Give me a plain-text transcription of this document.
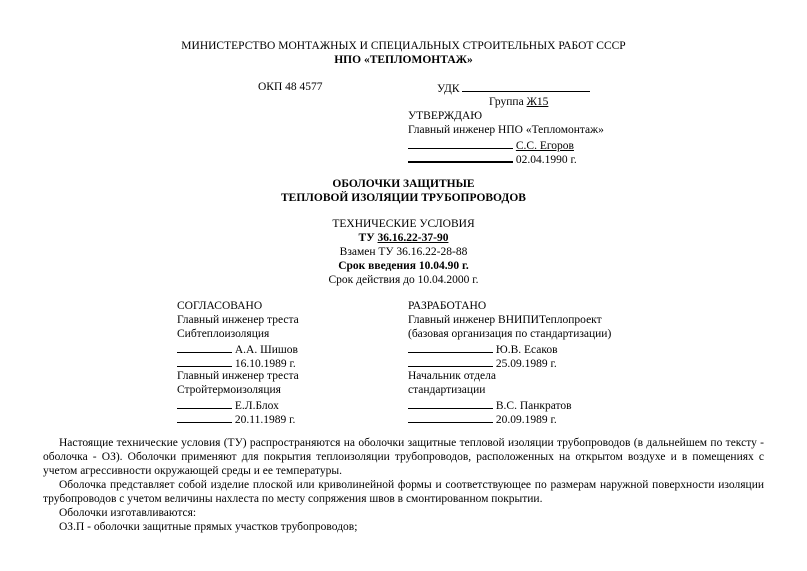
МИНИСТЕРСТВО МОНТАЖНЫХ И СПЕЦИАЛЬНЫХ СТРОИТЕЛЬНЫХ РАБОТ СССР
НПО «ТЕПЛОМОНТАЖ»
ОКП 48 4577	УДК
Группа Ж15
УТВЕРЖДАЮ
Главный инженер НПО «Тепломонтаж»
С.С. Егоров
02.04.1990 г.
ОБОЛОЧКИ ЗАЩИТНЫЕ
ТЕПЛОВОЙ ИЗОЛЯЦИИ ТРУБОПРОВОДОВ
ТЕХНИЧЕСКИЕ УСЛОВИЯ
ТУ 36.16.22-37-90
Взамен ТУ 36.16.22-28-88
Срок введения 10.04.90 г.
Срок действия до 10.04.2000 г.
СОГЛАСОВАНО
Главный инженер треста
Сибтеплоизоляция
А.А. Шишов
16.10.1989 г.
Главный инженер треста
Стройтермоизоляция
Е.Л.Блох
20.11.1989 г.
РАЗРАБОТАНО
Главный инженер ВНИПИТеплопроект
(базовая организация по стандартизации)
Ю.В. Есаков
25.09.1989 г.
Начальник отдела
стандартизации
В.С. Панкратов
20.09.1989 г.

Настоящие технические условия (ТУ) распространяются на оболочки защитные тепловой изоляции трубопроводов (в дальнейшем по тексту - оболочка - ОЗ). Оболочки применяют для покрытия теплоизоляции трубопроводов, расположенных на открытом воздухе и в помещениях с учетом агрессивности окружающей среды и ее температуры.

Оболочка представляет собой изделие плоской или криволинейной формы и соответствующее по размерам наружной поверхности изоляции трубопроводов с учетом величины нахлеста по месту сопряжения швов в смонтированном покрытии.

Оболочки изготавливаются:

ОЗ.П - оболочки защитные прямых участков трубопроводов;
